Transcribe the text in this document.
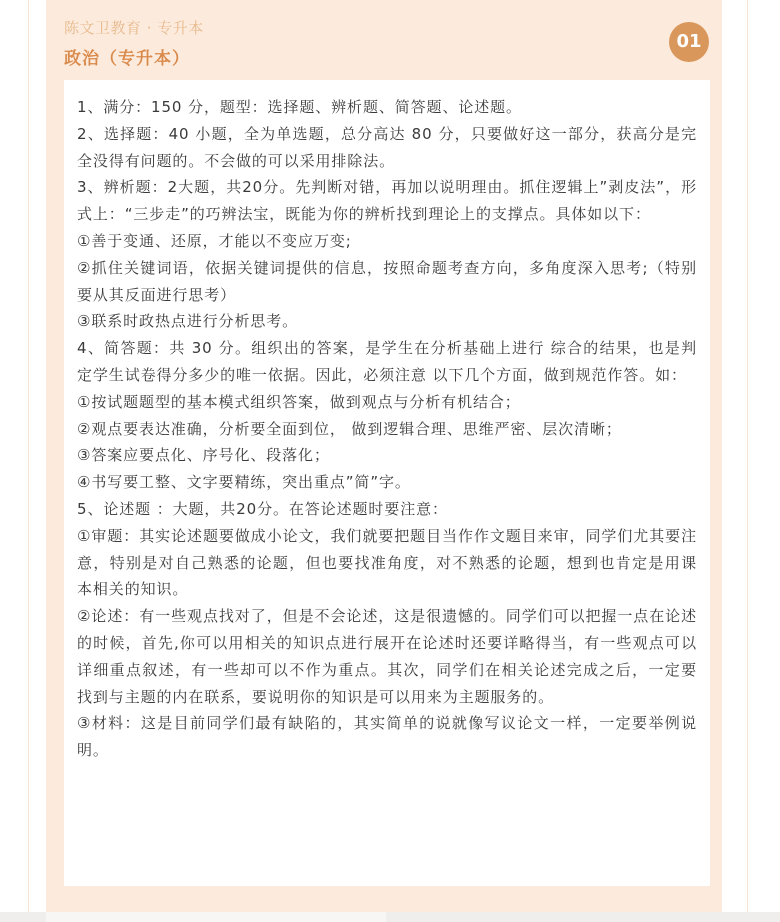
陈文卫教育 · 专升本
政治（专升本）
01

1、满分：150 分，题型：选择题、辨析题、简答题、论述题。

2、选择题：40 小题，全为单选题，总分高达 80 分，只要做好这一部分，获高分是完全没得有问题的。不会做的可以采用排除法。

3、辨析题：2大题，共20分。先判断对错，再加以说明理由。抓住逻辑上”剥皮法”，形式上：“三步走”的巧辨法宝，既能为你的辨析找到理论上的支撑点。具体如以下：

①善于变通、还原，才能以不变应万变;

②抓住关键词语，依据关键词提供的信息，按照命题考查方向，多角度深入思考;（特别要从其反面进行思考）

③联系时政热点进行分析思考。

4、简答题：共 30 分。组织出的答案，是学生在分析基础上进行 综合的结果，也是判定学生试卷得分多少的唯一依据。因此，必须注意 以下几个方面，做到规范作答。如：

①按试题题型的基本模式组织答案，做到观点与分析有机结合；

②观点要表达准确，分析要全面到位， 做到逻辑合理、思维严密、层次清晰；

③答案应要点化、序号化、段落化；

④书写要工整、文字要精练，突出重点”简”字。

5、论述题 ：大题，共20分。在答论述题时要注意：

①审题：其实论述题要做成小论文，我们就要把题目当作作文题目来审，同学们尤其要注意，特别是对自己熟悉的论题，但也要找准角度，对不熟悉的论题，想到也肯定是用课本相关的知识。

②论述：有一些观点找对了，但是不会论述，这是很遗憾的。同学们可以把握一点在论述的时候，首先,你可以用相关的知识点进行展开在论述时还要详略得当，有一些观点可以详细重点叙述，有一些却可以不作为重点。其次，同学们在相关论述完成之后，一定要找到与主题的内在联系，要说明你的知识是可以用来为主题服务的。

③材料：这是目前同学们最有缺陷的，其实简单的说就像写议论文一样，一定要举例说明。
